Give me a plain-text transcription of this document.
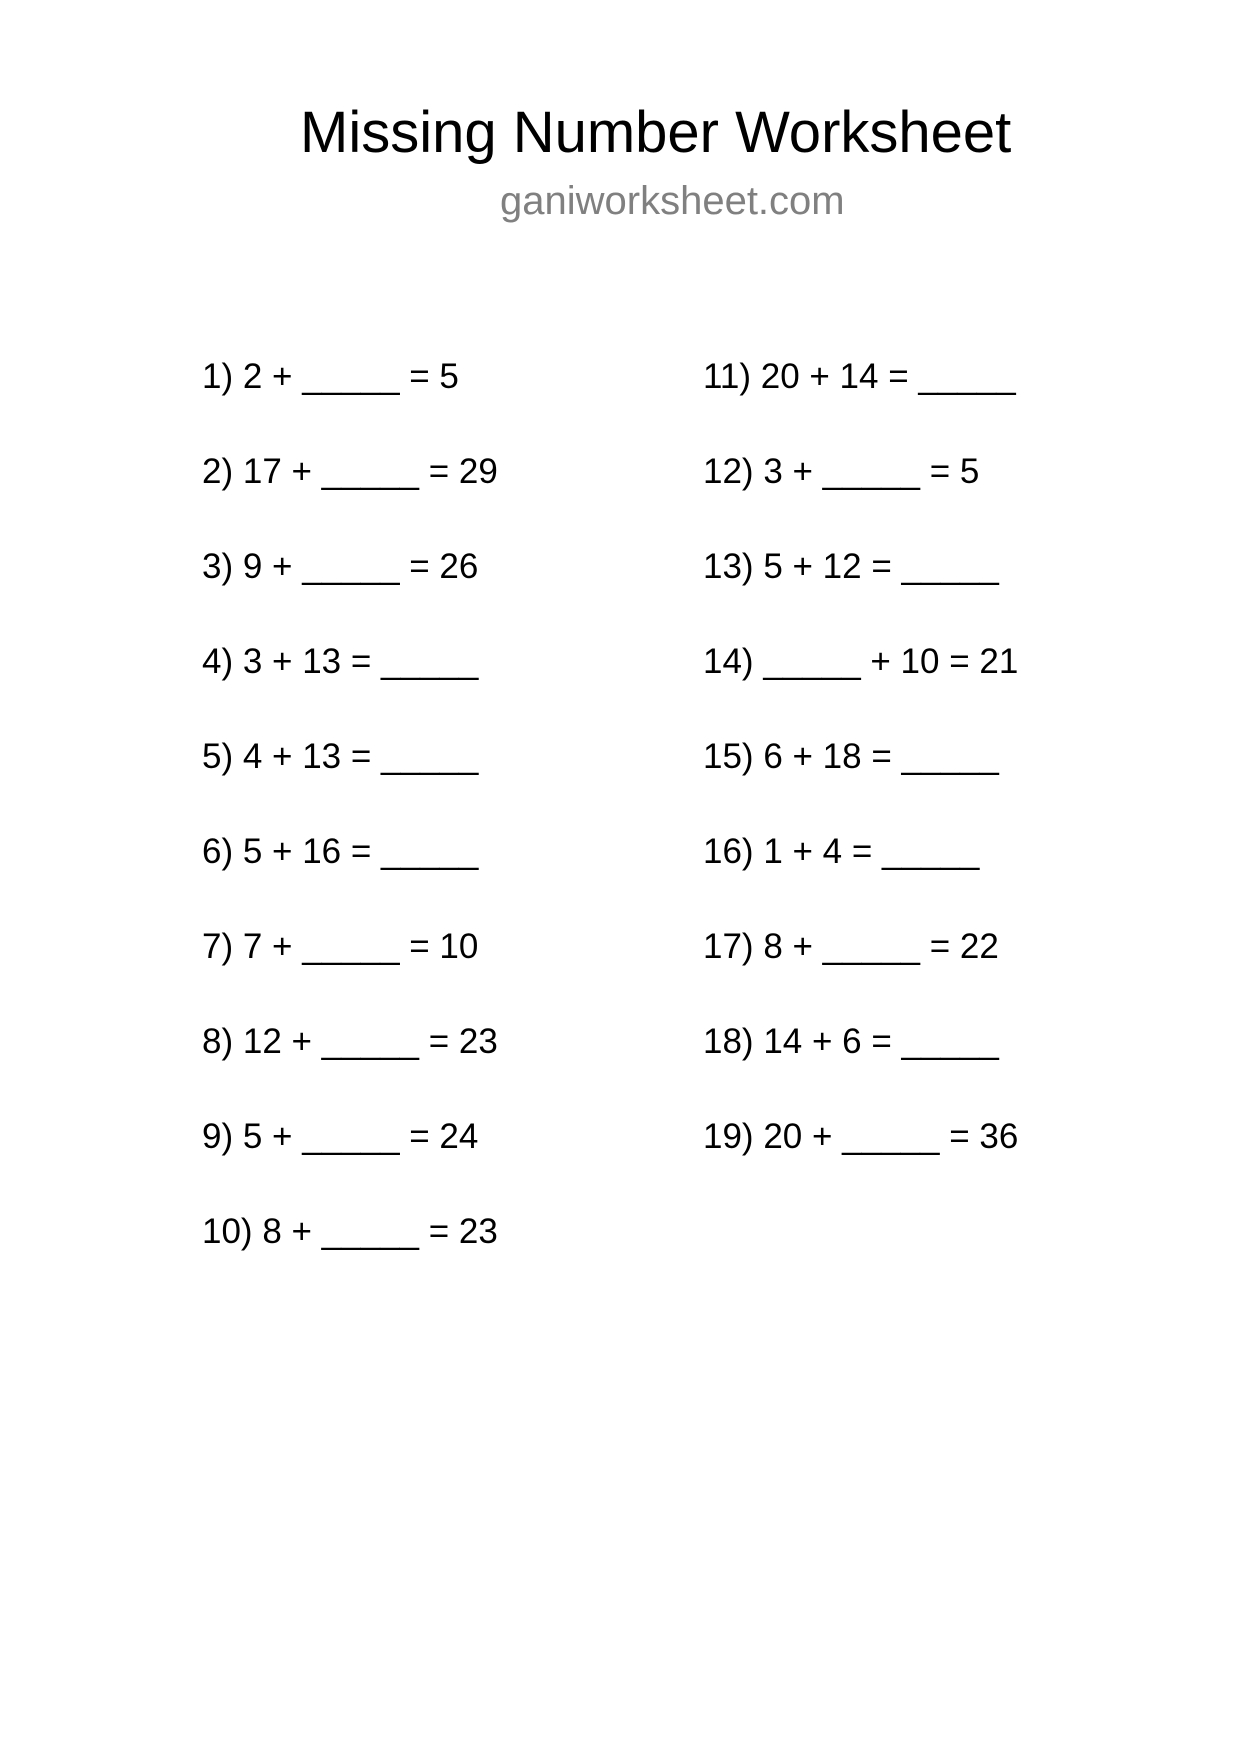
Missing Number Worksheet
ganiworksheet.com
1)
2 + _____ = 5
2)
17 + _____ = 29
3)
9 + _____ = 26
4)
3 + 13 = _____
5)
4 + 13 = _____
6)
5 + 16 = _____
7)
7 + _____ = 10
8)
12 + _____ = 23
9)
5 + _____ = 24
10)
8 + _____ = 23
11)
20 + 14 = _____
12)
3 + _____ = 5
13)
5 + 12 = _____
14)
_____ + 10 = 21
15)
6 + 18 = _____
16)
1 + 4 = _____
17)
8 + _____ = 22
18)
14 + 6 = _____
19)
20 + _____ = 36
